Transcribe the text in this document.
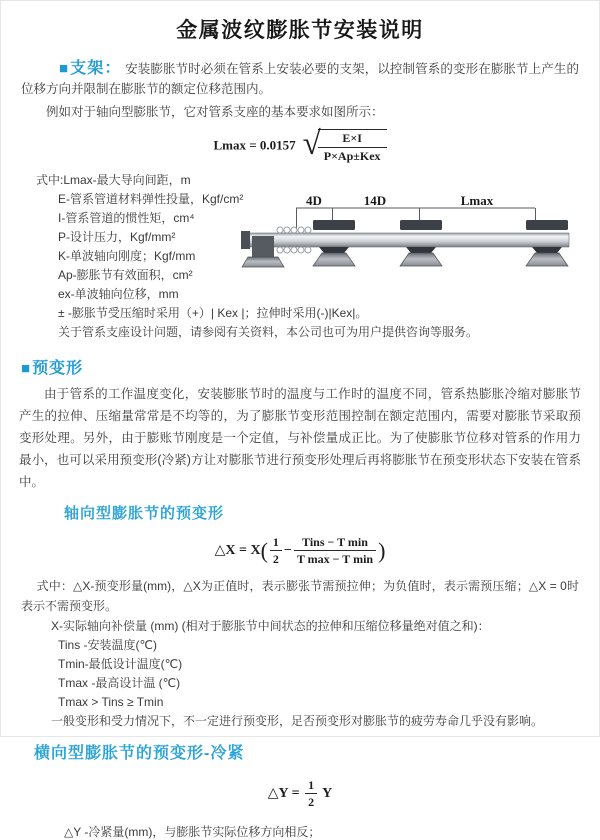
金属波纹膨胀节安装说明

■支架： 安装膨胀节时必须在管系上安装必要的支架，以控制管系的变形在膨胀节上产生的位移方向并限制在膨胀节的额定位移范围内。

例如对于轴向型膨胀节，它对管系支座的基本要求如图所示：

Lmax = 0.0157 √	E×I
P×Ap±Kex
式中:Lmax-最大导向间距，m
E-管系管道材料弹性投量，Kgf/cm²
I-管系管道的惯性矩，cm⁴
P-设计压力，Kgf/mm²
K-单波轴向刚度；Kgf/mm
Ap-膨胀节有效面积，cm²
ex-单波轴向位移，mm
± -膨胀节受压缩时采用（+）| Kex |；拉伸时采用(-)|Kex|。
关于管系支座设计问题，请参阅有关资料，本公司也可为用户提供咨询等服务。
4D	14D	Lmax
■预变形

由于管系的工作温度变化，安装膨胀节时的温度与工作时的温度不同，管系热膨胀冷缩对膨胀节产生的拉伸、压缩量常常是不均等的，为了膨胀节变形范围控制在额定范围内，需要对膨胀节采取预变形处理。另外，由于膨账节刚度是一个定值，与补偿量成正比。为了使膨胀节位移对管系的作用力最小，也可以采用预变形(冷紧)方让对膨胀节进行预变形处理后再将膨胀节在预变形状态下安装在管系中。

轴向型膨胀节的预变形
△X = $X( \frac{1}{2} - \frac{\text{Tins − T min}}{\text{T max − T min}}$ )

式中：△X-预变形量(mm)，△X为正值时，表示膨张节需预拉伸；为负值时，表示需预压缩；△X = 0时表示不需预变形。

X-实际轴向补偿量 (mm) (相对于膨胀节中间状态的拉伸和压缩位移量绝对值之和)：
Tins -安装温度(℃)
Tmin-最低设计温度(℃)
Tmax -最高设计温 (℃)
Tmax > Tins ≥ Tmin
一般变形和受力情况下，不一定进行预变形，足否预变形对膨胀节的疲劳寿命几乎没有影响。
横向型膨胀节的预变形-冷紧
△Y = $\frac{1}{2}$ Y

△Y -冷紧量(mm)，与膨胀节实际位移方向相反；
